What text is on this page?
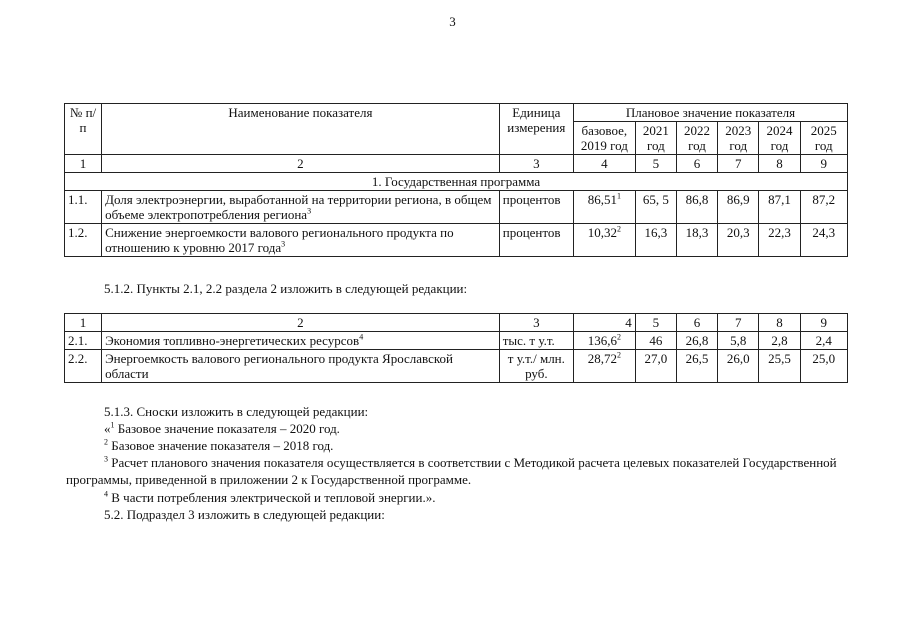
3
№ п/п	Наименование показателя	Единица измерения	Плановое значение показателя					
			базовое, 2019 год	2021 год	2022 год	2023 год	2024 год	2025 год
1	2	3	4	5	6	7	8	9
1. Государственная программа								
1.1.	Доля электроэнергии, выработанной на территории региона, в общем объеме электропотребления региона$^3$	процентов	86,51$^1$	65, 5	86,8	86,9	87,1	87,2
1.2.	Снижение энергоемкости валового регионального продукта по отношению к уровню 2017 года$^3$	процентов	10,32$^2$	16,3	18,3	20,3	22,3	24,3
5.1.2. Пункты 2.1, 2.2 раздела 2 изложить в следующей редакции:
1	2	3	4	5	6	7	8	9
2.1.	Экономия топливно-энергетических ресурсов$^4$	тыс. т у.т.	136,6$^2$	46	26,8	5,8	2,8	2,4
2.2.	Энергоемкость валового регионального продукта Ярославской области	т у.т./ млн. руб.	28,72$^2$	27,0	26,5	26,0	25,5	25,0
5.1.3. Сноски изложить в следующей редакции:
«$^1$ Базовое значение показателя – 2020 год.
$^2$ Базовое значение показателя – 2018 год.
$^3$ Расчет планового значения показателя осуществляется в соответствии с Методикой расчета целевых показателей Государственной программы, приведенной в приложении 2 к Государственной программе.
$^4$ В части потребления электрической и тепловой энергии.».
5.2. Подраздел 3 изложить в следующей редакции:
